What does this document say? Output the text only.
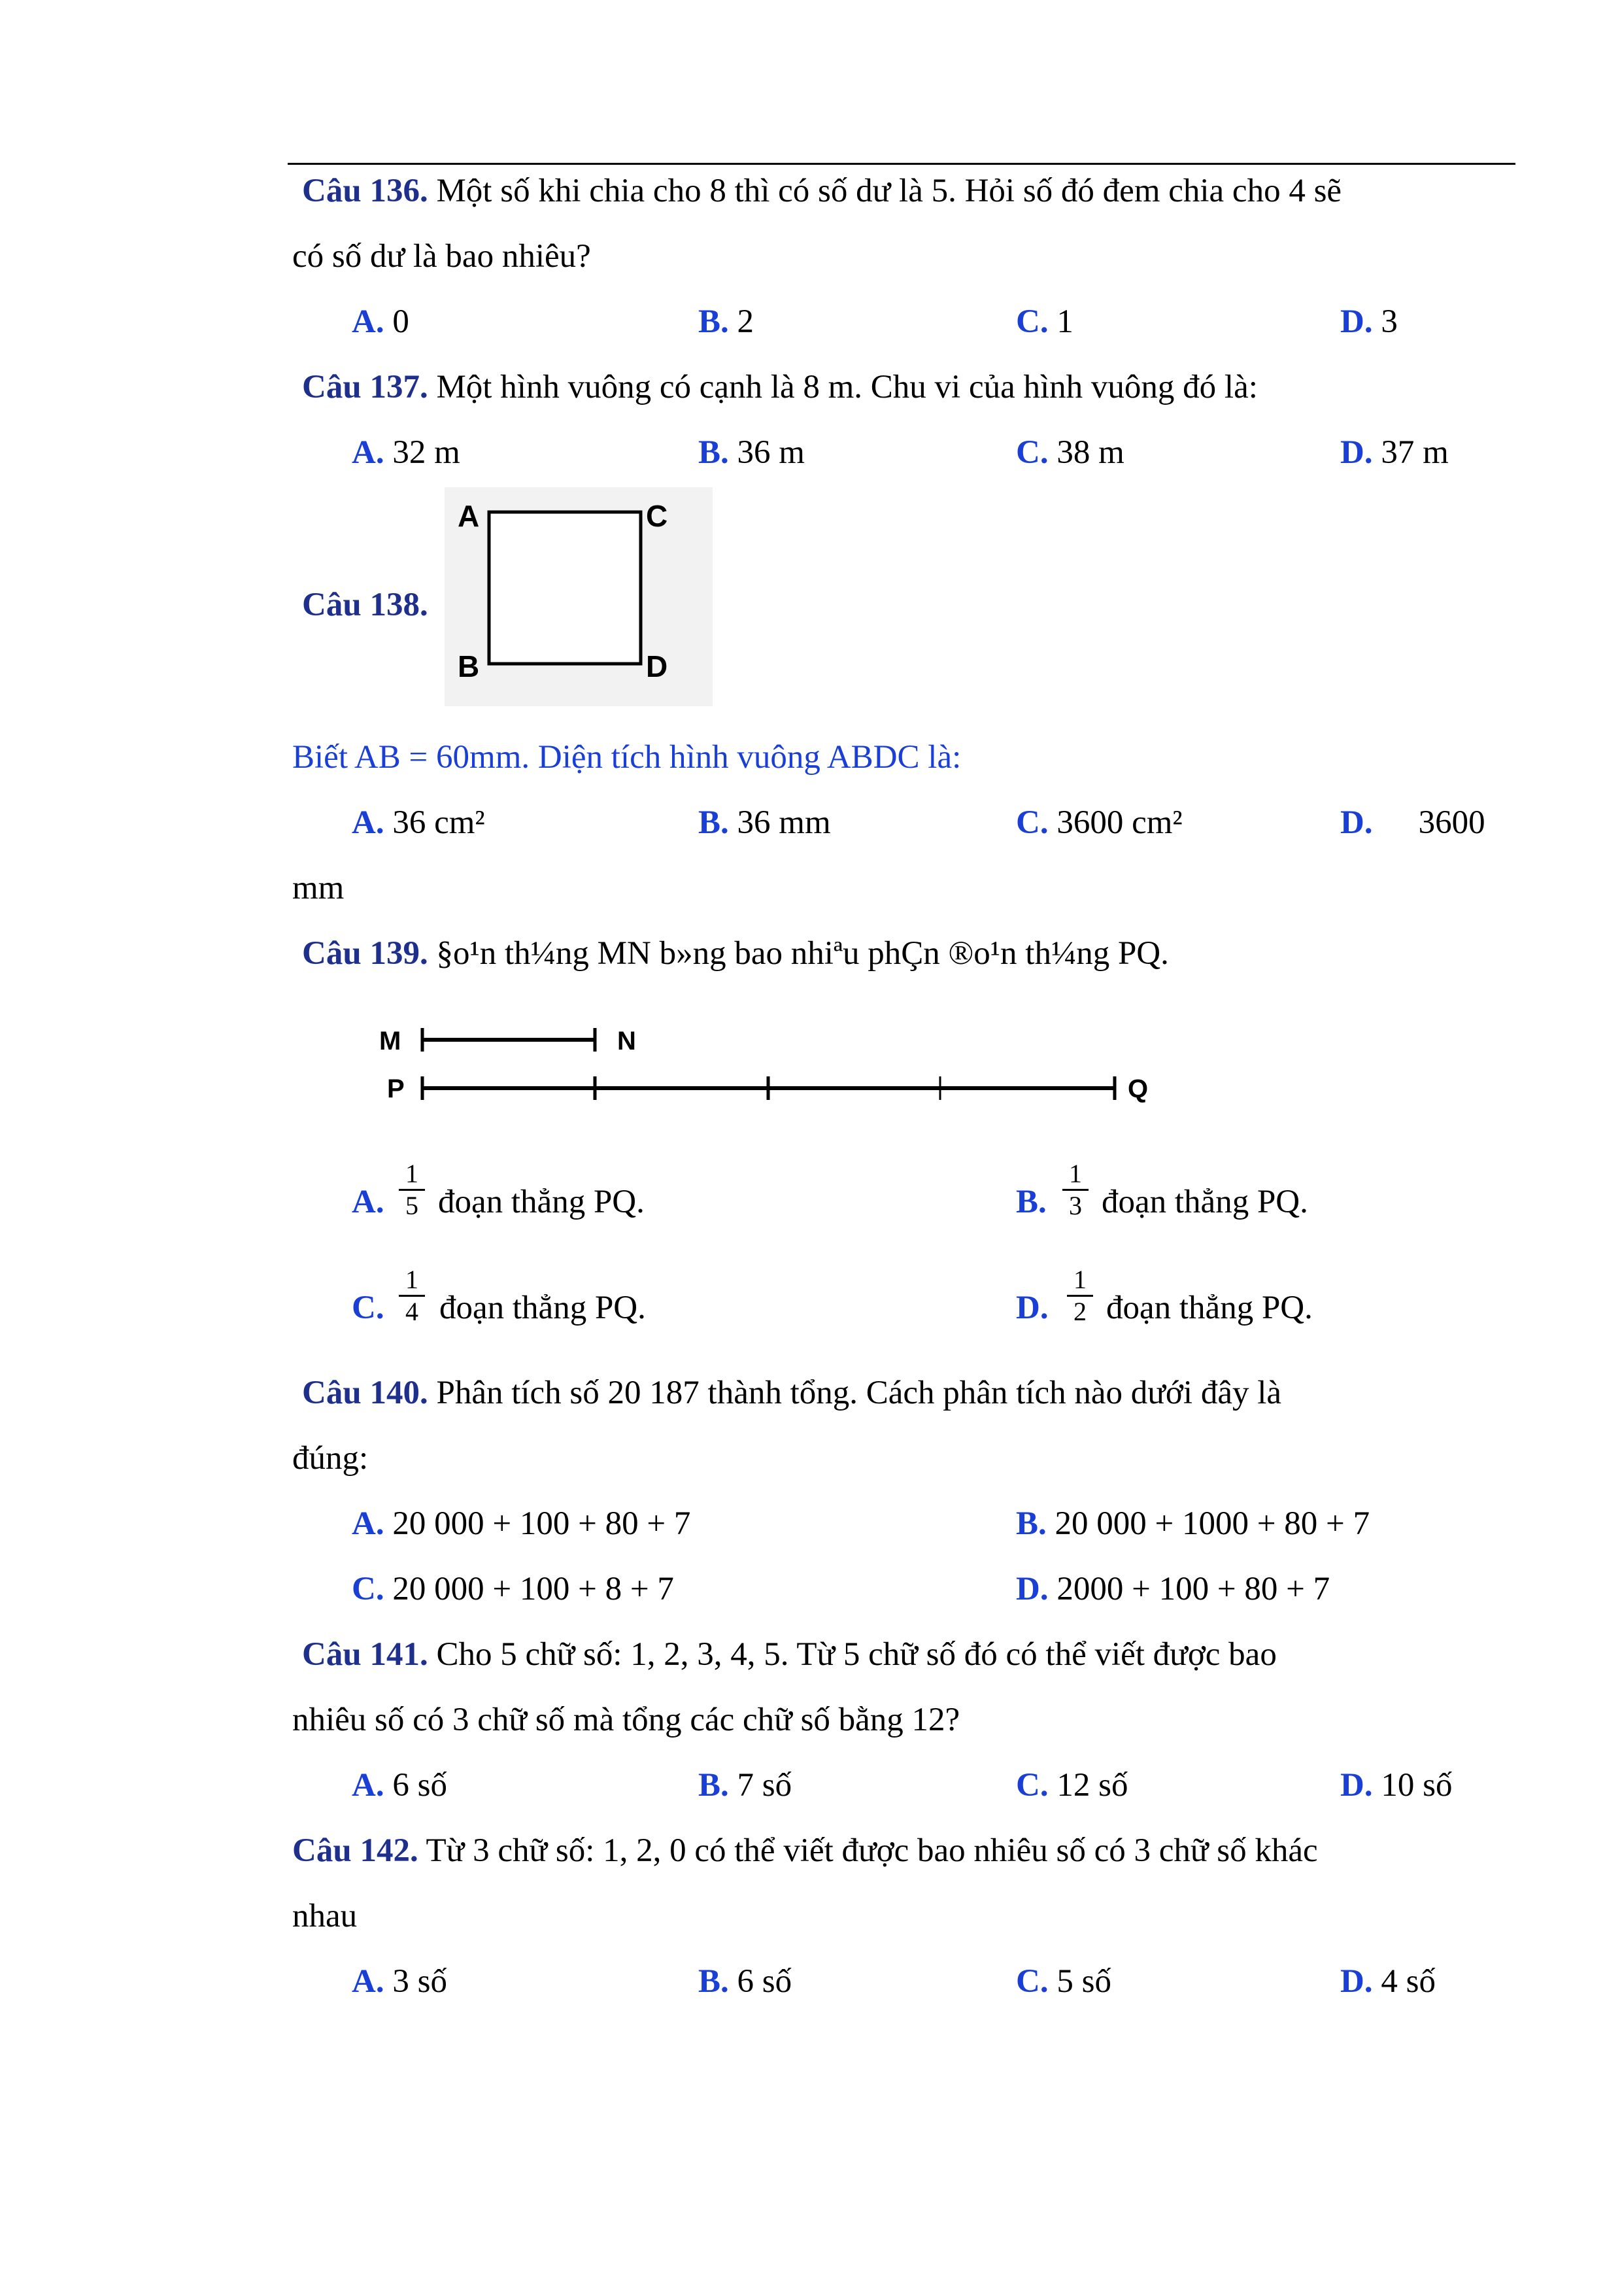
Câu 136. Một số khi chia cho 8 thì có số dư là 5. Hỏi số đó đem chia cho 4 sẽ
có số dư là bao nhiêu?
A. 0	B. 2	C. 1	D. 3
Câu 137. Một hình vuông có cạnh là 8 m. Chu vi của hình vuông đó là:
A. 32 m	B. 36 m	C. 38 m	D. 37 m
Câu 138.
A	C
B	D
Biết AB = 60mm. Diện tích hình vuông ABDC là:
A. 36 cm²	B. 36 mm	C. 3600 cm²	D. 3600
mm
Câu 139. §o¹n th¼ng MN b»ng bao nhiªu phÇn ®o¹n th¼ng PQ.
M	N
P	Q
A. $\frac{1}{5}$ đoạn thẳng PQ.	B. $\frac{1}{3}$ đoạn thẳng PQ.
C. $\frac{1}{4}$ đoạn thẳng PQ.	D. $\frac{1}{2}$ đoạn thẳng PQ.
Câu 140. Phân tích số 20 187 thành tổng. Cách phân tích nào dưới đây là
đúng:
A. 20 000 + 100 + 80 + 7	B. 20 000 + 1000 + 80 + 7
C. 20 000 + 100 + 8 + 7	D. 2000 + 100 + 80 + 7
Câu 141. Cho 5 chữ số: 1, 2, 3, 4, 5. Từ 5 chữ số đó có thể viết được bao
nhiêu số có 3 chữ số mà tổng các chữ số bằng 12?
A. 6 số	B. 7 số	C. 12 số	D. 10 số
Câu 142. Từ 3 chữ số: 1, 2, 0 có thể viết được bao nhiêu số có 3 chữ số khác
nhau
A. 3 số	B. 6 số	C. 5 số	D. 4 số
